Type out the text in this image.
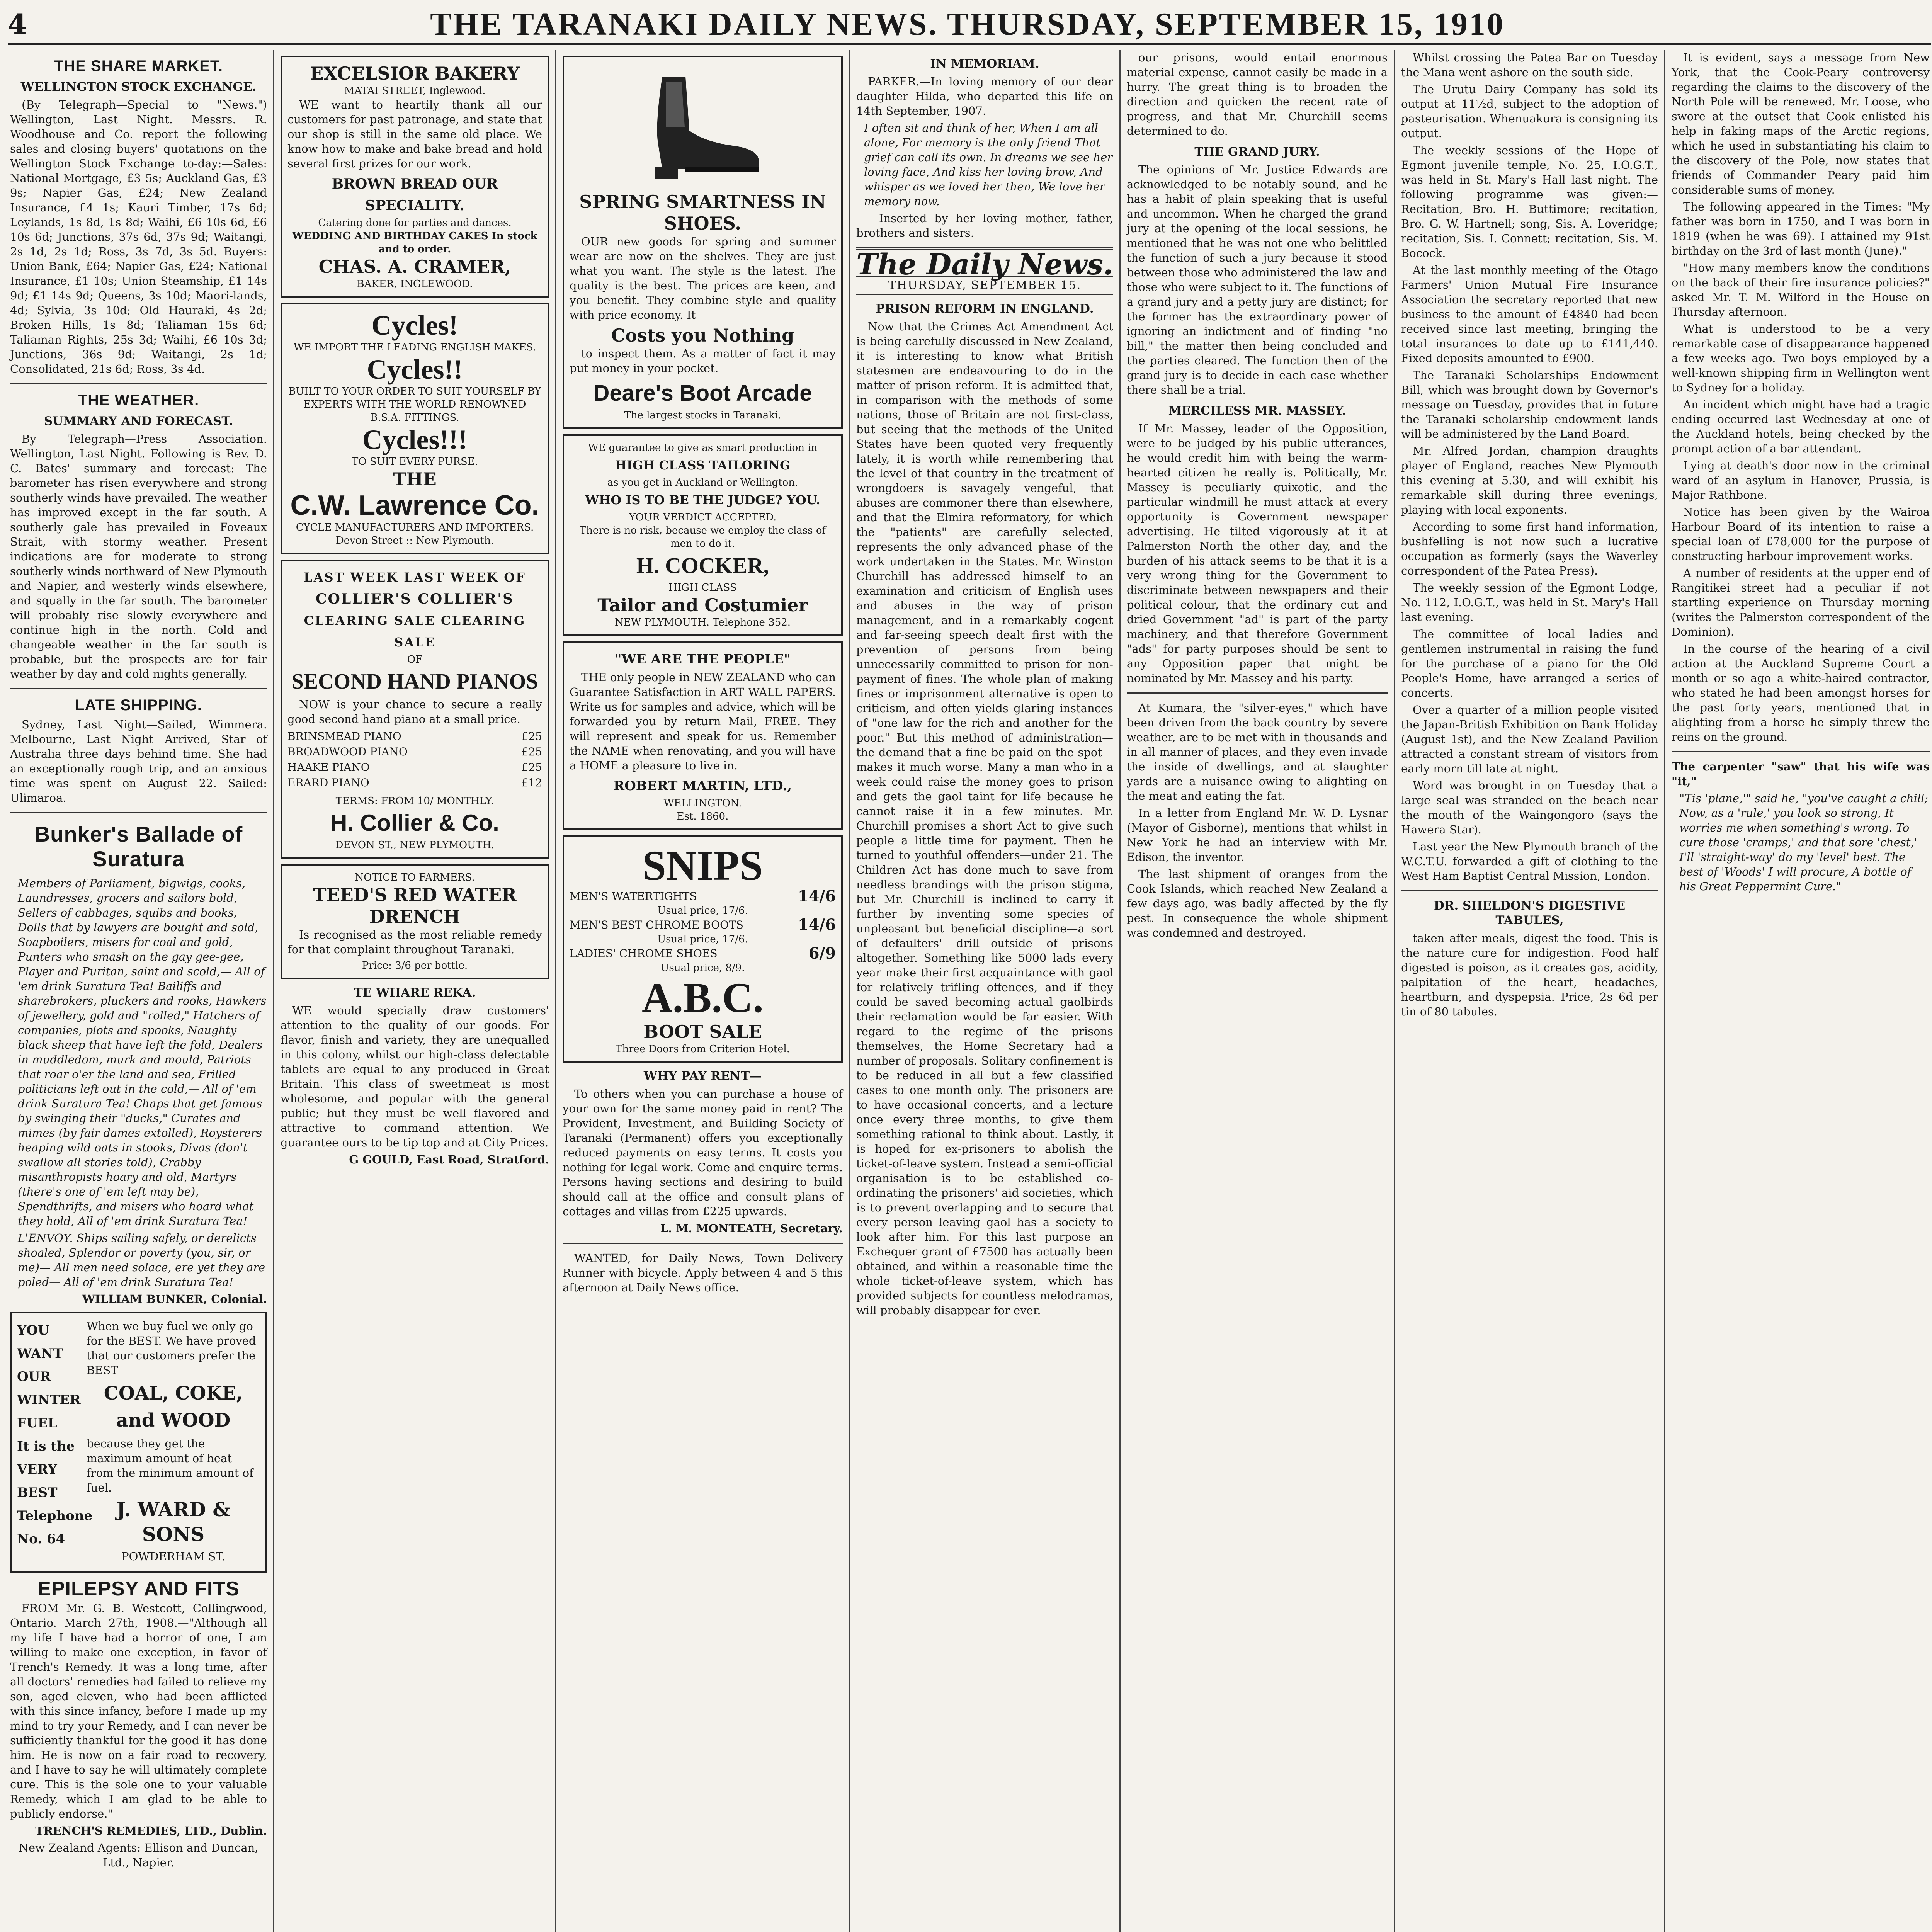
4	THE TARANAKI DAILY NEWS. THURSDAY, SEPTEMBER 15, 1910
THE SHARE MARKET.
WELLINGTON STOCK EXCHANGE.

(By Telegraph—Special to "News.") Wellington, Last Night. Messrs. R. Woodhouse and Co. report the following sales and closing buyers' quotations on the Wellington Stock Exchange to-day:—Sales: National Mortgage, £3 5s; Auckland Gas, £3 9s; Napier Gas, £24; New Zealand Insurance, £4 1s; Kauri Timber, 17s 6d; Leylands, 1s 8d, 1s 8d; Waihi, £6 10s 6d, £6 10s 6d; Junctions, 37s 6d, 37s 9d; Waitangi, 2s 1d, 2s 1d; Ross, 3s 7d, 3s 5d. Buyers: Union Bank, £64; Napier Gas, £24; National Insurance, £1 10s; Union Steamship, £1 14s 9d; £1 14s 9d; Queens, 3s 10d; Maori-lands, 4d; Sylvia, 3s 10d; Old Hauraki, 4s 2d; Broken Hills, 1s 8d; Taliaman 15s 6d; Taliaman Rights, 25s 3d; Waihi, £6 10s 3d; Junctions, 36s 9d; Waitangi, 2s 1d; Consolidated, 21s 6d; Ross, 3s 4d.

THE WEATHER.
SUMMARY AND FORECAST.

By Telegraph—Press Association. Wellington, Last Night. Following is Rev. D. C. Bates' summary and forecast:—The barometer has risen everywhere and strong southerly winds have prevailed. The weather has improved except in the far south. A southerly gale has prevailed in Foveaux Strait, with stormy weather. Present indications are for moderate to strong southerly winds northward of New Plymouth and Napier, and westerly winds elsewhere, and squally in the far south. The barometer will probably rise slowly everywhere and continue high in the north. Cold and changeable weather in the far south is probable, but the prospects are for fair weather by day and cold nights generally.

LATE SHIPPING.

Sydney, Last Night—Sailed, Wimmera. Melbourne, Last Night—Arrived, Star of Australia three days behind time. She had an exceptionally rough trip, and an anxious time was spent on August 22. Sailed: Ulimaroa.

Bunker's Ballade of Suratura

Members of Parliament, bigwigs, cooks, Laundresses, grocers and sailors bold, Sellers of cabbages, squibs and books, Dolls that by lawyers are bought and sold, Soapboilers, misers for coal and gold, Punters who smash on the gay gee-gee, Player and Puritan, saint and scold,— All of 'em drink Suratura Tea! Bailiffs and sharebrokers, pluckers and rooks, Hawkers of jewellery, gold and "rolled," Hatchers of companies, plots and spooks, Naughty black sheep that have left the fold, Dealers in muddledom, murk and mould, Patriots that roar o'er the land and sea, Frilled politicians left out in the cold,— All of 'em drink Suratura Tea! Chaps that get famous by swinging their "ducks," Curates and mimes (by fair dames extolled), Roysterers heaping wild oats in stooks, Divas (don't swallow all stories told), Crabby misanthropists hoary and old, Martyrs (there's one of 'em left may be), Spendthrifts, and misers who hoard what they hold, All of 'em drink Suratura Tea!

L'ENVOY. Ships sailing safely, or derelicts shoaled, Splendor or poverty (you, sir, or me)— All men need solace, ere yet they are poled— All of 'em drink Suratura Tea!

WILLIAM BUNKER, Colonial.

YOU
WANT
OUR
WINTER
FUEL
It is the
VERY
BEST
Telephone
No. 64

When we buy fuel we only go for the BEST. We have proved that our customers prefer the BEST

COAL, COKE, and WOOD

because they get the maximum amount of heat from the minimum amount of fuel.

J. WARD & SONS

POWDERHAM ST.

EPILEPSY AND FITS

FROM Mr. G. B. Westcott, Collingwood, Ontario. March 27th, 1908.—"Although all my life I have had a horror of one, I am willing to make one exception, in favor of Trench's Remedy. It was a long time, after all doctors' remedies had failed to relieve my son, aged eleven, who had been afflicted with this since infancy, before I made up my mind to try your Remedy, and I can never be sufficiently thankful for the good it has done him. He is now on a fair road to recovery, and I have to say he will ultimately complete cure. This is the sole one to your valuable Remedy, which I am glad to be able to publicly endorse."

TRENCH'S REMEDIES, LTD., Dublin.

New Zealand Agents: Ellison and Duncan, Ltd., Napier.

EXCELSIOR BAKERY
MATAI STREET, Inglewood.

WE want to heartily thank all our customers for past patronage, and state that our shop is still in the same old place. We know how to make and bake bread and hold several first prizes for our work.

BROWN BREAD OUR SPECIALITY.
Catering done for parties and dances.
WEDDING AND BIRTHDAY CAKES In stock and to order.
CHAS. A. CRAMER,
BAKER, INGLEWOOD.
Cycles!
WE IMPORT THE LEADING ENGLISH MAKES.
Cycles!!
BUILT TO YOUR ORDER TO SUIT YOURSELF BY EXPERTS WITH THE WORLD-RENOWNED B.S.A. FITTINGS.
Cycles!!!
TO SUIT EVERY PURSE.
THE
C.W. Lawrence Co.
CYCLE MANUFACTURERS AND IMPORTERS.
Devon Street :: New Plymouth.
LAST WEEK LAST WEEK OF
COLLIER'S COLLIER'S
CLEARING SALE CLEARING SALE
OF
SECOND HAND PIANOS

NOW is your chance to secure a really good second hand piano at a small price.

BRINSMEAD PIANO	£25
BROADWOOD PIANO	£25
HAAKE PIANO	£25
ERARD PIANO	£12
TERMS: FROM 10/ MONTHLY.
H. Collier & Co.
DEVON ST., NEW PLYMOUTH.
NOTICE TO FARMERS.
TEED'S RED WATER DRENCH

Is recognised as the most reliable remedy for that complaint throughout Taranaki.

Price: 3/6 per bottle.
TE WHARE REKA.

WE would specially draw customers' attention to the quality of our goods. For flavor, finish and variety, they are unequalled in this colony, whilst our high-class delectable tablets are equal to any produced in Great Britain. This class of sweetmeat is most wholesome, and popular with the general public; but they must be well flavored and attractive to command attention. We guarantee ours to be tip top and at City Prices.

G GOULD, East Road, Stratford.

SPRING SMARTNESS IN SHOES.

OUR new goods for spring and summer wear are now on the shelves. They are just what you want. The style is the latest. The quality is the best. The prices are keen, and you benefit. They combine style and quality with price economy. It

Costs you Nothing

to inspect them. As a matter of fact it may put money in your pocket.

Deare's Boot Arcade
The largest stocks in Taranaki.
WE guarantee to give as smart production in
HIGH CLASS TAILORING
as you get in Auckland or Wellington.
WHO IS TO BE THE JUDGE? YOU.
YOUR VERDICT ACCEPTED.
There is no risk, because we employ the class of men to do it.
H. COCKER,
HIGH-CLASS
Tailor and Costumier
NEW PLYMOUTH. Telephone 352.
"WE ARE THE PEOPLE"

THE only people in NEW ZEALAND who can Guarantee Satisfaction in ART WALL PAPERS. Write us for samples and advice, which will be forwarded you by return Mail, FREE. They will represent and speak for us. Remember the NAME when renovating, and you will have a HOME a pleasure to live in.

ROBERT MARTIN, LTD.,
WELLINGTON.
Est. 1860.
SNIPS
MEN'S WATERTIGHTS	14/6
Usual price, 17/6.
MEN'S BEST CHROME BOOTS	14/6
Usual price, 17/6.
LADIES' CHROME SHOES	6/9
Usual price, 8/9.
A.B.C.
BOOT SALE
Three Doors from Criterion Hotel.
WHY PAY RENT—

To others when you can purchase a house of your own for the same money paid in rent? The Provident, Investment, and Building Society of Taranaki (Permanent) offers you exceptionally reduced payments on easy terms. It costs you nothing for legal work. Come and enquire terms. Persons having sections and desiring to build should call at the office and consult plans of cottages and villas from £225 upwards.

L. M. MONTEATH, Secretary.

WANTED, for Daily News, Town Delivery Runner with bicycle. Apply between 4 and 5 this afternoon at Daily News office.

IN MEMORIAM.

PARKER.—In loving memory of our dear daughter Hilda, who departed this life on 14th September, 1907.

I often sit and think of her, When I am all alone, For memory is the only friend That grief can call its own. In dreams we see her loving face, And kiss her loving brow, And whisper as we loved her then, We love her memory now.

—Inserted by her loving mother, father, brothers and sisters.

The Daily News.
THURSDAY, SEPTEMBER 15.
PRISON REFORM IN ENGLAND.

Now that the Crimes Act Amendment Act is being carefully discussed in New Zealand, it is interesting to know what British statesmen are endeavouring to do in the matter of prison reform. It is admitted that, in comparison with the methods of some nations, those of Britain are not first-class, but seeing that the methods of the United States have been quoted very frequently lately, it is worth while remembering that the level of that country in the treatment of wrongdoers is savagely vengeful, that abuses are commoner there than elsewhere, and that the Elmira reformatory, for which the "patients" are carefully selected, represents the only advanced phase of the work undertaken in the States. Mr. Winston Churchill has addressed himself to an examination and criticism of English uses and abuses in the way of prison management, and in a remarkably cogent and far-seeing speech dealt first with the prevention of persons from being unnecessarily committed to prison for non-payment of fines. The whole plan of making fines or imprisonment alternative is open to criticism, and often yields glaring instances of "one law for the rich and another for the poor." But this method of administration—the demand that a fine be paid on the spot—makes it much worse. Many a man who in a week could raise the money goes to prison and gets the gaol taint for life because he cannot raise it in a few minutes. Mr. Churchill promises a short Act to give such people a little time for payment. Then he turned to youthful offenders—under 21. The Children Act has done much to save from needless brandings with the prison stigma, but Mr. Churchill is inclined to carry it further by inventing some species of unpleasant but beneficial discipline—a sort of defaulters' drill—outside of prisons altogether. Something like 5000 lads every year make their first acquaintance with gaol for relatively trifling offences, and if they could be saved becoming actual gaolbirds their reclamation would be far easier. With regard to the regime of the prisons themselves, the Home Secretary had a number of proposals. Solitary confinement is to be reduced in all but a few classified cases to one month only. The prisoners are to have occasional concerts, and a lecture once every three months, to give them something rational to think about. Lastly, it is hoped for ex-prisoners to abolish the ticket-of-leave system. Instead a semi-official organisation is to be established co-ordinating the prisoners' aid societies, which is to prevent overlapping and to secure that every person leaving gaol has a society to look after him. For this last purpose an Exchequer grant of £7500 has actually been obtained, and within a reasonable time the whole ticket-of-leave system, which has provided subjects for countless melodramas, will probably disappear for ever.

our prisons, would entail enormous material expense, cannot easily be made in a hurry. The great thing is to broaden the direction and quicken the recent rate of progress, and that Mr. Churchill seems determined to do.

THE GRAND JURY.

The opinions of Mr. Justice Edwards are acknowledged to be notably sound, and he has a habit of plain speaking that is useful and uncommon. When he charged the grand jury at the opening of the local sessions, he mentioned that he was not one who belittled the function of such a jury because it stood between those who administered the law and those who were subject to it. The functions of a grand jury and a petty jury are distinct; for the former has the extraordinary power of ignoring an indictment and of finding "no bill," the matter then being concluded and the parties cleared. The function then of the grand jury is to decide in each case whether there shall be a trial.

MERCILESS MR. MASSEY.

If Mr. Massey, leader of the Opposition, were to be judged by his public utterances, he would credit him with being the warm-hearted citizen he really is. Politically, Mr. Massey is peculiarly quixotic, and the particular windmill he must attack at every opportunity is Government newspaper advertising. He tilted vigorously at it at Palmerston North the other day, and the burden of his attack seems to be that it is a very wrong thing for the Government to discriminate between newspapers and their political colour, that the ordinary cut and dried Government "ad" is part of the party machinery, and that therefore Government "ads" for party purposes should be sent to any Opposition paper that might be nominated by Mr. Massey and his party.

At Kumara, the "silver-eyes," which have been driven from the back country by severe weather, are to be met with in thousands and in all manner of places, and they even invade the inside of dwellings, and at slaughter yards are a nuisance owing to alighting on the meat and eating the fat.

In a letter from England Mr. W. D. Lysnar (Mayor of Gisborne), mentions that whilst in New York he had an interview with Mr. Edison, the inventor.

The last shipment of oranges from the Cook Islands, which reached New Zealand a few days ago, was badly affected by the fly pest. In consequence the whole shipment was condemned and destroyed.

Whilst crossing the Patea Bar on Tuesday the Mana went ashore on the south side.

The Urutu Dairy Company has sold its output at 11½d, subject to the adoption of pasteurisation. Whenuakura is consigning its output.

The weekly sessions of the Hope of Egmont juvenile temple, No. 25, I.O.G.T., was held in St. Mary's Hall last night. The following programme was given:— Recitation, Bro. H. Buttimore; recitation, Bro. G. W. Hartnell; song, Sis. A. Loveridge; recitation, Sis. I. Connett; recitation, Sis. M. Bocock.

At the last monthly meeting of the Otago Farmers' Union Mutual Fire Insurance Association the secretary reported that new business to the amount of £4840 had been received since last meeting, bringing the total insurances to date up to £141,440. Fixed deposits amounted to £900.

The Taranaki Scholarships Endowment Bill, which was brought down by Governor's message on Tuesday, provides that in future the Taranaki scholarship endowment lands will be administered by the Land Board.

Mr. Alfred Jordan, champion draughts player of England, reaches New Plymouth this evening at 5.30, and will exhibit his remarkable skill during three evenings, playing with local exponents.

According to some first hand information, bushfelling is not now such a lucrative occupation as formerly (says the Waverley correspondent of the Patea Press).

The weekly session of the Egmont Lodge, No. 112, I.O.G.T., was held in St. Mary's Hall last evening.

The committee of local ladies and gentlemen instrumental in raising the fund for the purchase of a piano for the Old People's Home, have arranged a series of concerts.

Over a quarter of a million people visited the Japan-British Exhibition on Bank Holiday (August 1st), and the New Zealand Pavilion attracted a constant stream of visitors from early morn till late at night.

Word was brought in on Tuesday that a large seal was stranded on the beach near the mouth of the Waingongoro (says the Hawera Star).

Last year the New Plymouth branch of the W.C.T.U. forwarded a gift of clothing to the West Ham Baptist Central Mission, London.

DR. SHELDON'S DIGESTIVE TABULES,

taken after meals, digest the food. This is the nature cure for indigestion. Food half digested is poison, as it creates gas, acidity, palpitation of the heart, headaches, heartburn, and dyspepsia. Price, 2s 6d per tin of 80 tabules.

It is evident, says a message from New York, that the Cook-Peary controversy regarding the claims to the discovery of the North Pole will be renewed. Mr. Loose, who swore at the outset that Cook enlisted his help in faking maps of the Arctic regions, which he used in substantiating his claim to the discovery of the Pole, now states that friends of Commander Peary paid him considerable sums of money.

The following appeared in the Times: "My father was born in 1750, and I was born in 1819 (when he was 69). I attained my 91st birthday on the 3rd of last month (June)."

"How many members know the conditions on the back of their fire insurance policies?" asked Mr. T. M. Wilford in the House on Thursday afternoon.

What is understood to be a very remarkable case of disappearance happened a few weeks ago. Two boys employed by a well-known shipping firm in Wellington went to Sydney for a holiday.

An incident which might have had a tragic ending occurred last Wednesday at one of the Auckland hotels, being checked by the prompt action of a bar attendant.

Lying at death's door now in the criminal ward of an asylum in Hanover, Prussia, is Major Rathbone.

Notice has been given by the Wairoa Harbour Board of its intention to raise a special loan of £78,000 for the purpose of constructing harbour improvement works.

A number of residents at the upper end of Rangitikei street had a peculiar if not startling experience on Thursday morning (writes the Palmerston correspondent of the Dominion).

In the course of the hearing of a civil action at the Auckland Supreme Court a month or so ago a white-haired contractor, who stated he had been amongst horses for the past forty years, mentioned that in alighting from a horse he simply threw the reins on the ground.

The carpenter "saw" that his wife was "it,"

"Tis 'plane,'" said he, "you've caught a chill; Now, as a 'rule,' you look so strong, It worries me when something's wrong. To cure those 'cramps,' and that sore 'chest,' I'll 'straight-way' do my 'level' best. The best of 'Woods' I will procure, A bottle of his Great Peppermint Cure."
